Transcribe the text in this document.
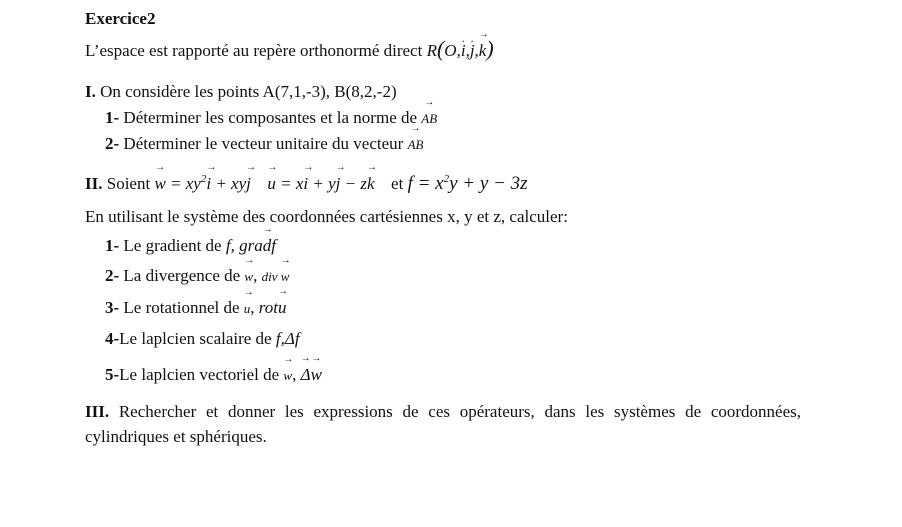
Exercice2
L’espace est rapporté au repère orthonormé direct R(O,· i,· j,→ k)
I. On considère les points A(7,1,-3), B(8,2,-2)
1- Déterminer les composantes et la norme de → AB
2- Déterminer le vecteur unitaire du vecteur → AB
II. Soient → $w = xy^2\to i + xy\to j \to u = x\to i + y\to j - z\to k$ et $f = x^2y + y - 3z$
En utilisant le système des coordonnées cartésiennes x, y et z, calculer:
1- Le gradient de f, gra→ df
2- La divergence de → w, div → w
3- Le rotationnel de → u, rot→ u
4-Le laplcien scalaire de f,Δf
5-Le laplcien vectoriel de → w, → Δ→ w
III. Rechercher et donner les expressions de ces opérateurs, dans les systèmes de coordonnées, cylindriques et sphériques.
